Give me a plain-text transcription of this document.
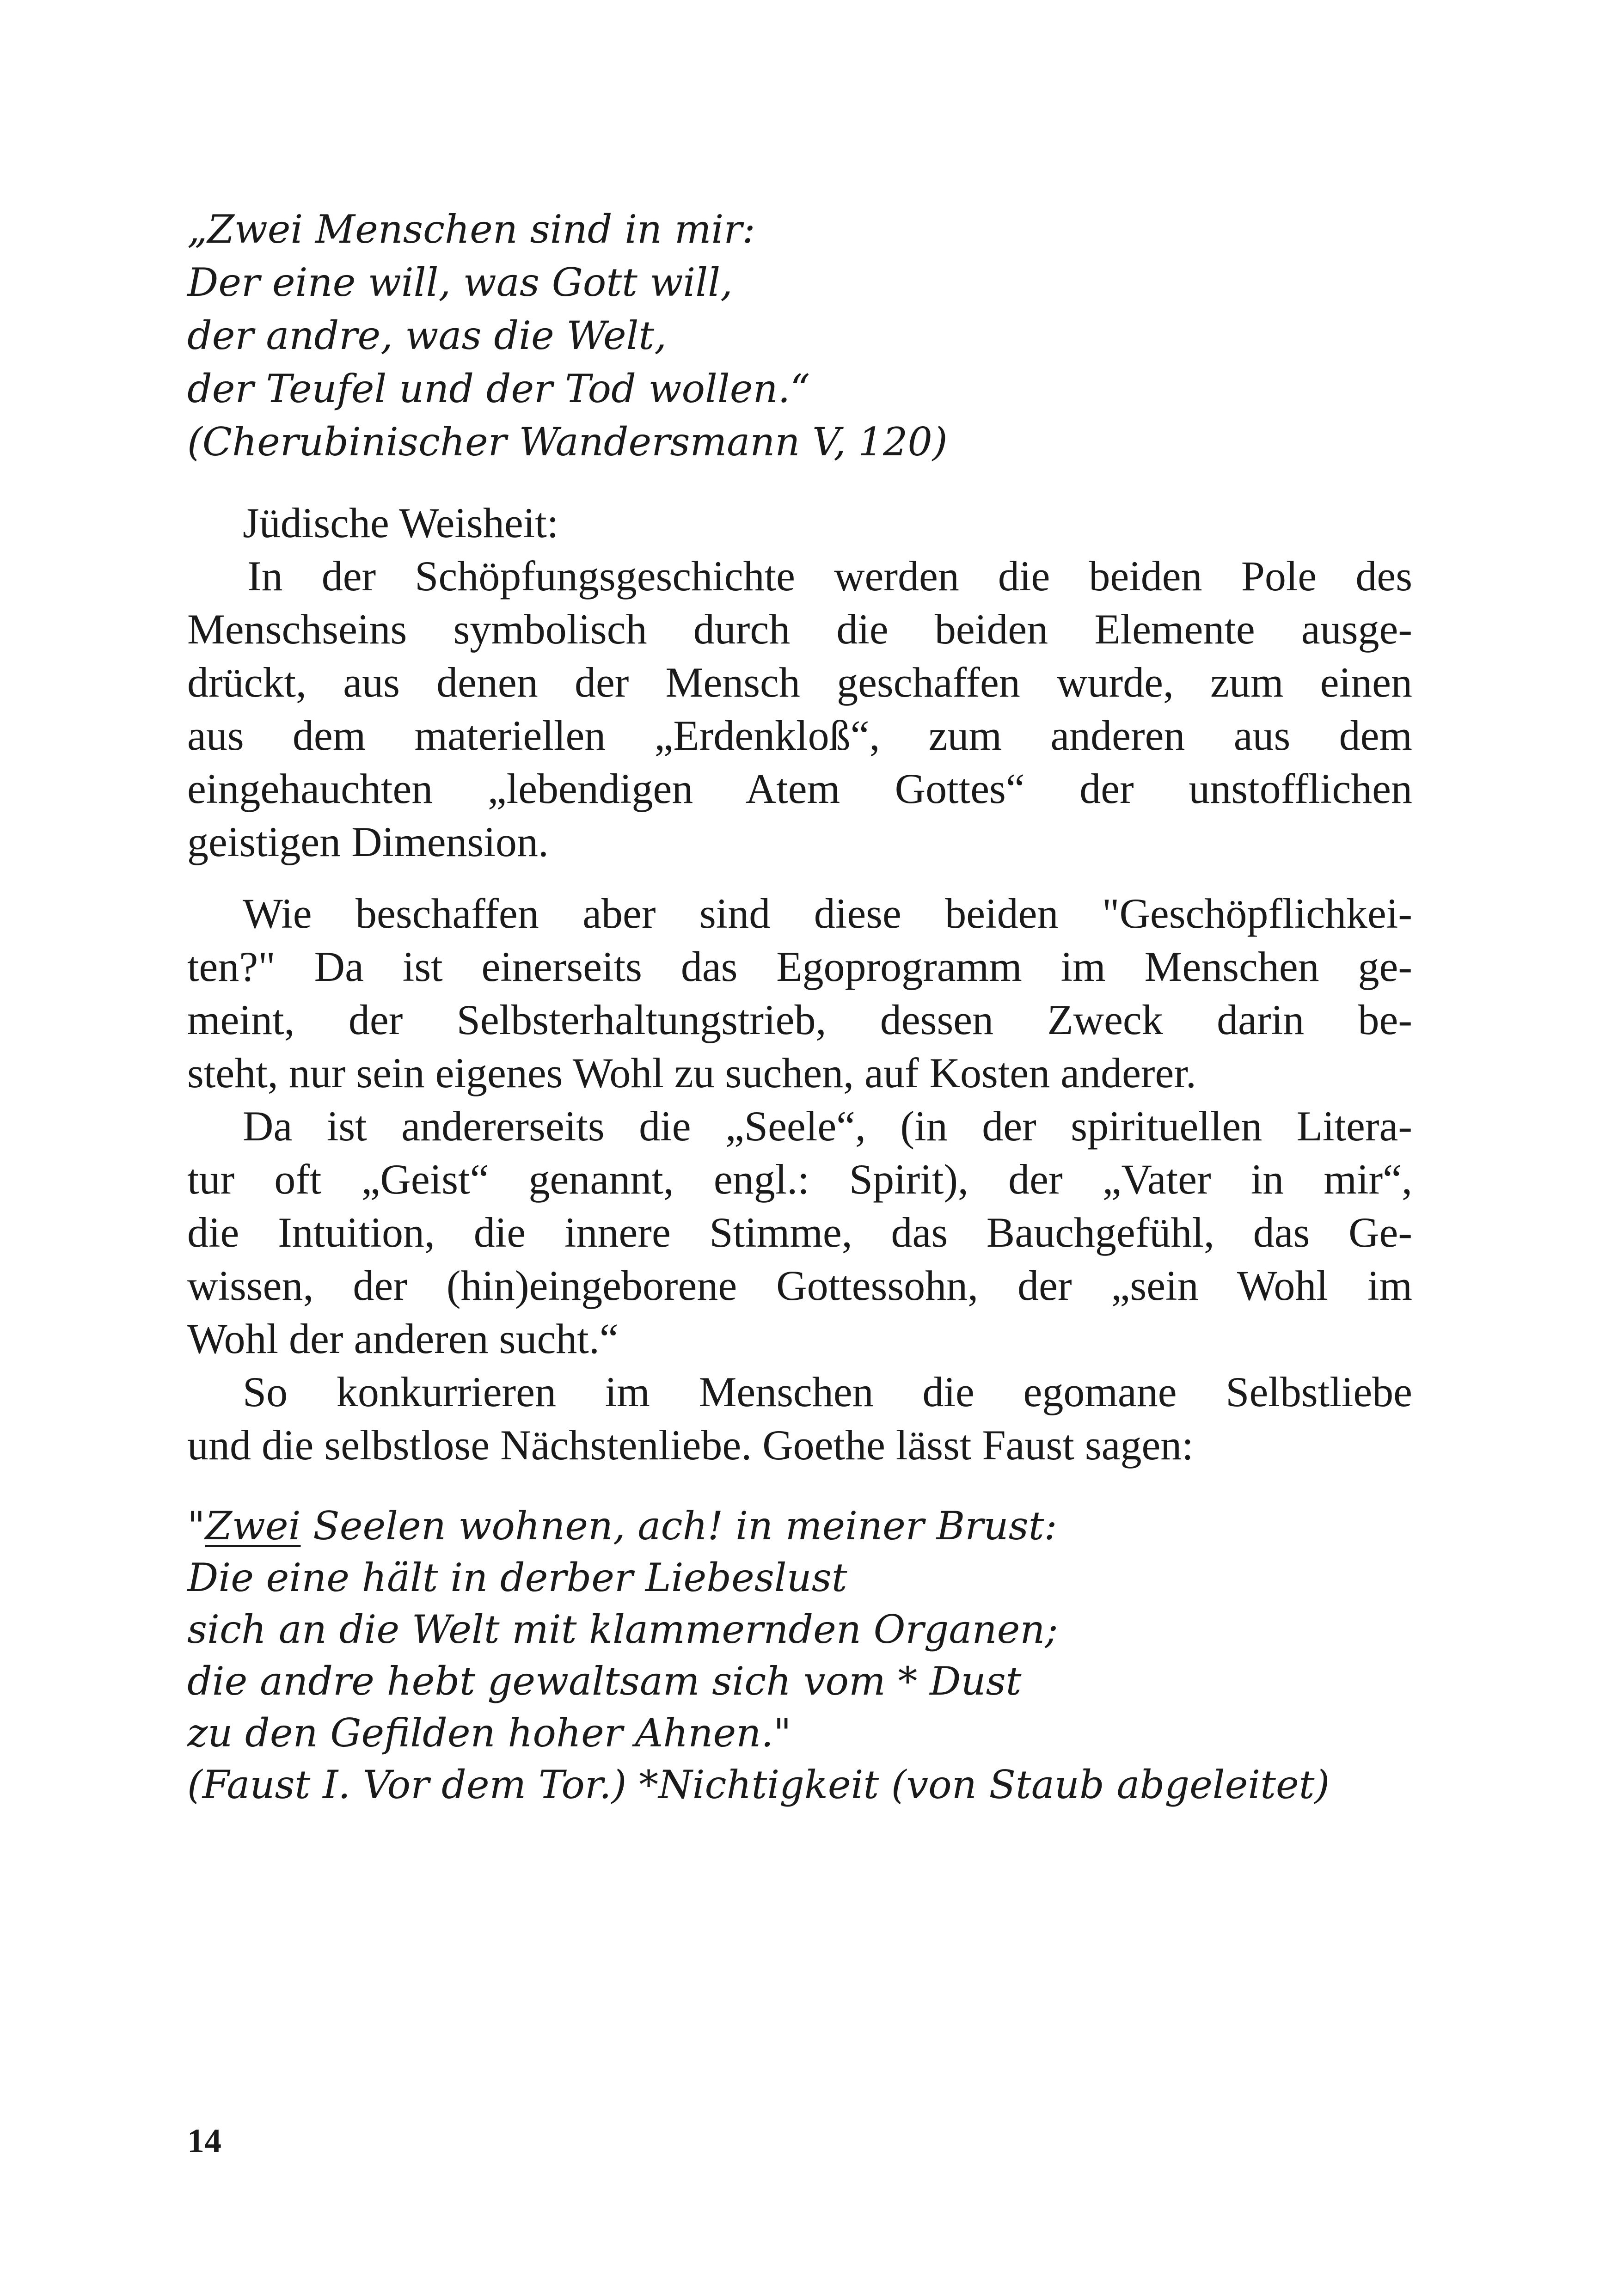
„Zwei Menschen sind in mir:
Der eine will, was Gott will,
der andre, was die Welt,
der Teufel und der Tod wollen.“
(Cherubinischer Wandersmann V, 120)
Jüdische Weisheit:
In der Schöpfungsgeschichte werden die beiden Pole des
Menschseins symbolisch durch die beiden Elemente ausge-
drückt, aus denen der Mensch geschaffen wurde, zum einen
aus dem materiellen „Erdenkloß“, zum anderen aus dem
eingehauchten „lebendigen Atem Gottes“ der unstofflichen
geistigen Dimension.
Wie beschaffen aber sind diese beiden "Geschöpflichkei-
ten?" Da ist einerseits das Egoprogramm im Menschen ge-
meint, der Selbsterhaltungstrieb, dessen Zweck darin be-
steht, nur sein eigenes Wohl zu suchen, auf Kosten anderer.
Da ist andererseits die „Seele“, (in der spirituellen Litera-
tur oft „Geist“ genannt, engl.: Spirit), der „Vater in mir“,
die Intuition, die innere Stimme, das Bauchgefühl, das Ge-
wissen, der (hin)eingeborene Gottessohn, der „sein Wohl im
Wohl der anderen sucht.“
So konkurrieren im Menschen die egomane Selbstliebe
und die selbstlose Nächstenliebe. Goethe lässt Faust sagen:
"Zwei Seelen wohnen, ach! in meiner Brust:
Die eine hält in derber Liebeslust
sich an die Welt mit klammernden Organen;
die andre hebt gewaltsam sich vom * Dust
zu den Gefilden hoher Ahnen."
(Faust I. Vor dem Tor.) *Nichtigkeit (von Staub abgeleitet)
14
